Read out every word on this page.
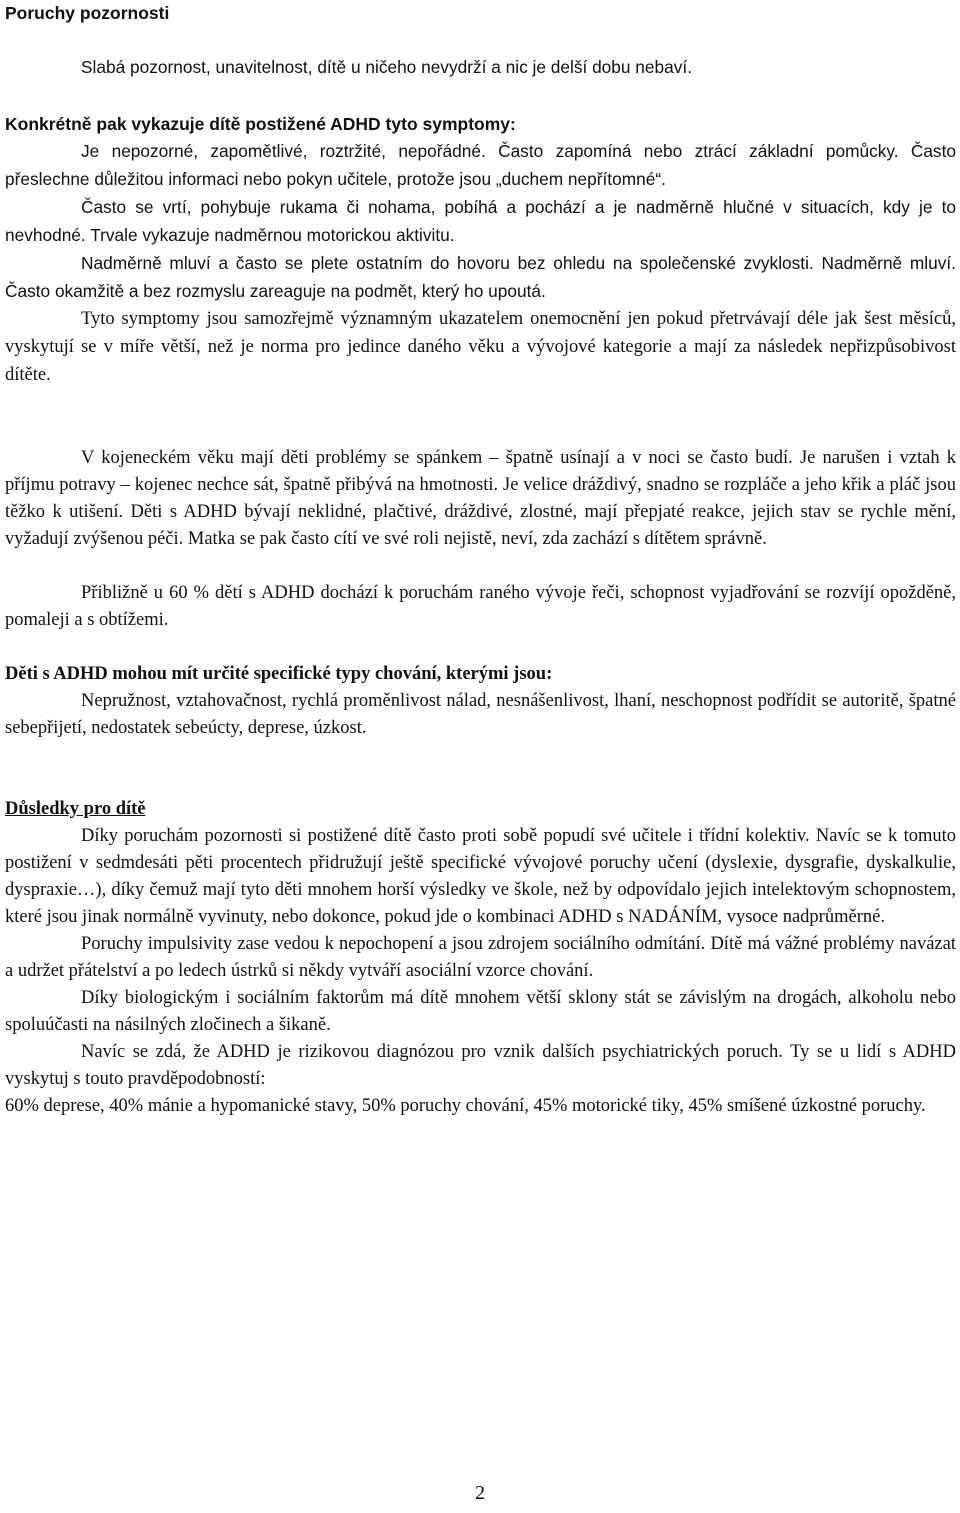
Poruchy pozornosti

Slabá pozornost, unavitelnost, dítě u ničeho nevydrží a nic je delší dobu nebaví.

Konkrétně pak vykazuje dítě postižené ADHD tyto symptomy:

Je nepozorné, zapomětlivé, roztržité, nepořádné. Často zapomíná nebo ztrácí základní pomůcky. Často přeslechne důležitou informaci nebo pokyn učitele, protože jsou „duchem nepřítomné“.

Často se vrtí, pohybuje rukama či nohama, pobíhá a pochází a je nadměrně hlučné v situacích, kdy je to nevhodné. Trvale vykazuje nadměrnou motorickou aktivitu.

Nadměrně mluví a často se plete ostatním do hovoru bez ohledu na společenské zvyklosti. Nadměrně mluví. Často okamžitě a bez rozmyslu zareaguje na podmět, který ho upoutá.

Tyto symptomy jsou samozřejmě významným ukazatelem onemocnění jen pokud přetrvávají déle jak šest měsíců, vyskytují se v míře větší, než je norma pro jedince daného věku a vývojové kategorie a mají za následek nepřizpůsobivost dítěte.

V kojeneckém věku mají děti problémy se spánkem – špatně usínají a v noci se často budí. Je narušen i vztah k příjmu potravy – kojenec nechce sát, špatně přibývá na hmotnosti. Je velice dráždivý, snadno se rozpláče a jeho křik a pláč jsou těžko k utišení. Děti s ADHD bývají neklidné, plačtivé, dráždivé, zlostné, mají přepjaté reakce, jejich stav se rychle mění, vyžadují zvýšenou péči. Matka se pak často cítí ve své roli nejistě, neví, zda zachází s dítětem správně.

Přibližně u 60 % dětí s ADHD dochází k poruchám raného vývoje řeči, schopnost vyjadřování se rozvíjí opožděně, pomaleji a s obtížemi.

Děti s ADHD mohou mít určité specifické typy chování, kterými jsou:

Nepružnost, vztahovačnost, rychlá proměnlivost nálad, nesnášenlivost, lhaní, neschopnost podřídit se autoritě, špatné sebepřijetí, nedostatek sebeúcty, deprese, úzkost.

Důsledky pro dítě

Díky poruchám pozornosti si postižené dítě často proti sobě popudí své učitele i třídní kolektiv. Navíc se k tomuto postižení v sedmdesáti pěti procentech přidružují ještě specifické vývojové poruchy učení (dyslexie, dysgrafie, dyskalkulie, dyspraxie…), díky čemuž mají tyto děti mnohem horší výsledky ve škole, než by odpovídalo jejich intelektovým schopnostem, které jsou jinak normálně vyvinuty, nebo dokonce, pokud jde o kombinaci ADHD s NADÁNÍM, vysoce nadprůměrné.

Poruchy impulsivity zase vedou k nepochopení a jsou zdrojem sociálního odmítání. Dítě má vážné problémy navázat a udržet přátelství a po ledech ústrků si někdy vytváří asociální vzorce chování.

Díky biologickým i sociálním faktorům má dítě mnohem větší sklony stát se závislým na drogách, alkoholu nebo spoluúčasti na násilných zločinech a šikaně.

Navíc se zdá, že ADHD je rizikovou diagnózou pro vznik dalších psychiatrických poruch. Ty se u lidí s ADHD vyskytuj s touto pravděpodobností:

60% deprese, 40% mánie a hypomanické stavy, 50% poruchy chování, 45% motorické tiky, 45% smíšené úzkostné poruchy.

2
